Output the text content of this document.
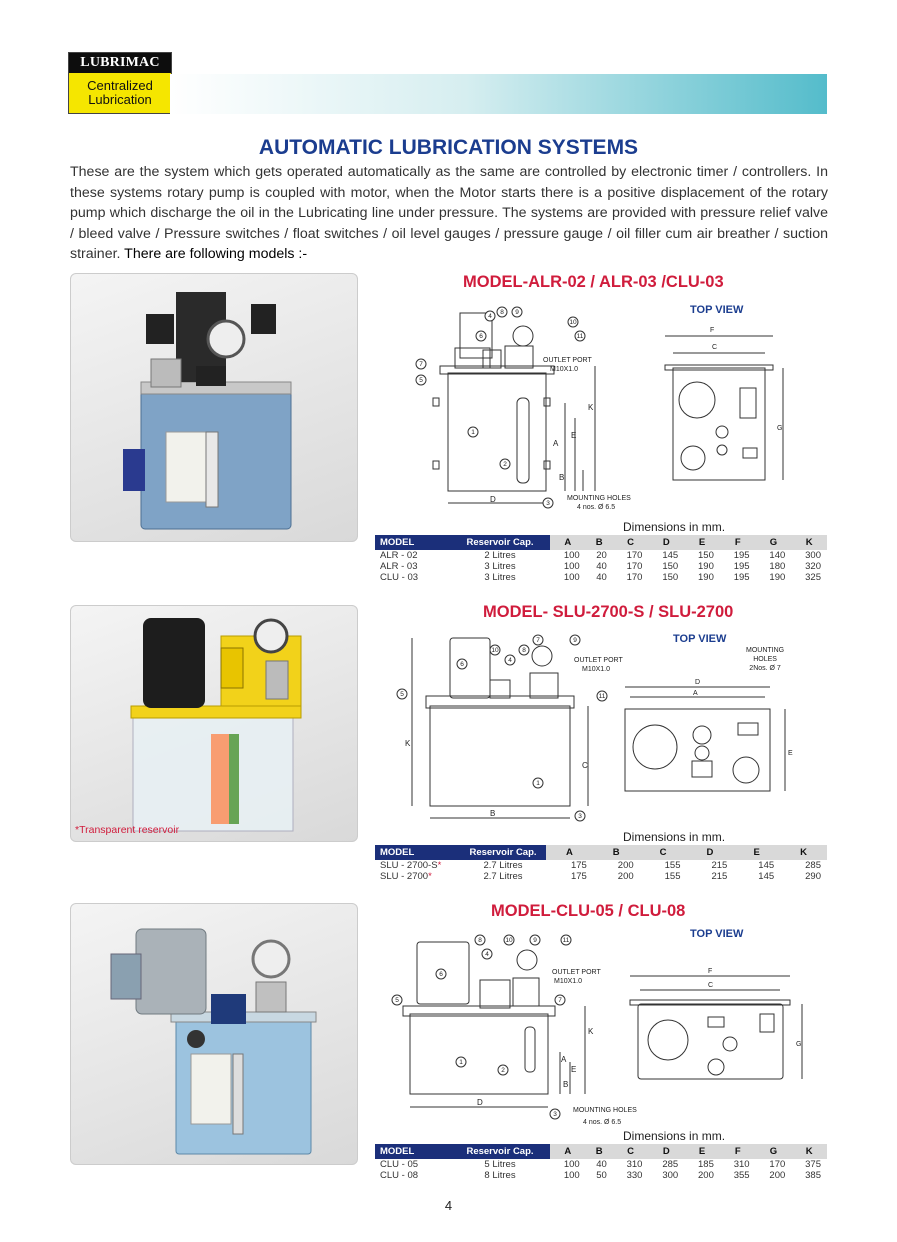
LUBRIMAC
Centralized
Lubrication
AUTOMATIC LUBRICATION SYSTEMS
These are the system which gets operated automatically as the same are controlled by electronic timer / controllers. In these systems rotary pump is coupled with motor, when the Motor starts there is a positive displacement of the rotary pump which discharge the oil in the Lubricating line under pressure. The systems are provided with pressure relief valve / bleed valve / Pressure switches / float switches / oil level gauges / pressure gauge / oil filler cum air breather / suction strainer. There are following models :-
MODEL-ALR-02 / ALR-03 /CLU-03
D
A
E
K
B
6
4
8 9
7
5
1
2
3
10
11
OUTLET PORT
M10X1.0
MOUNTING HOLES
4 nos. Ø 6.5
TOP VIEW
F
C
G
Dimensions in mm.
MODEL	Reservoir Cap.	A	B	C	D	E	F	G	K
ALR - 02	2 Litres	100	20	170	145	150	195	140	300
ALR - 03	3 Litres	100	40	170	150	190	195	180	320
CLU - 03	3 Litres	100	40	170	150	190	195	190	325
*Transparent reservoir
MODEL- SLU-2700-S / SLU-2700
B
K
C
6
10
4
8
7	9
5	11
1
3
OUTLET PORT
M10X1.0
TOP VIEW
MOUNTING
HOLES
2Nos. Ø 7
D
A
E
Dimensions in mm.
MODEL	Reservoir Cap.	A	B	C	D	E	K
SLU - 2700-S*	2.7 Litres	175	200	155	215	145	285
SLU - 2700*	2.7 Litres	175	200	155	215	145	290
MODEL-CLU-05 / CLU-08
D
A
E
K
B
8	10	9	11
4
6
5	7
1
2
3
OUTLET PORT
M10X1.0
MOUNTING HOLES
4 nos. Ø 6.5
TOP VIEW
F
C
G
Dimensions in mm.
MODEL	Reservoir Cap.	A	B	C	D	E	F	G	K
CLU - 05	5 Litres	100	40	310	285	185	310	170	375
CLU - 08	8 Litres	100	50	330	300	200	355	200	385
4
